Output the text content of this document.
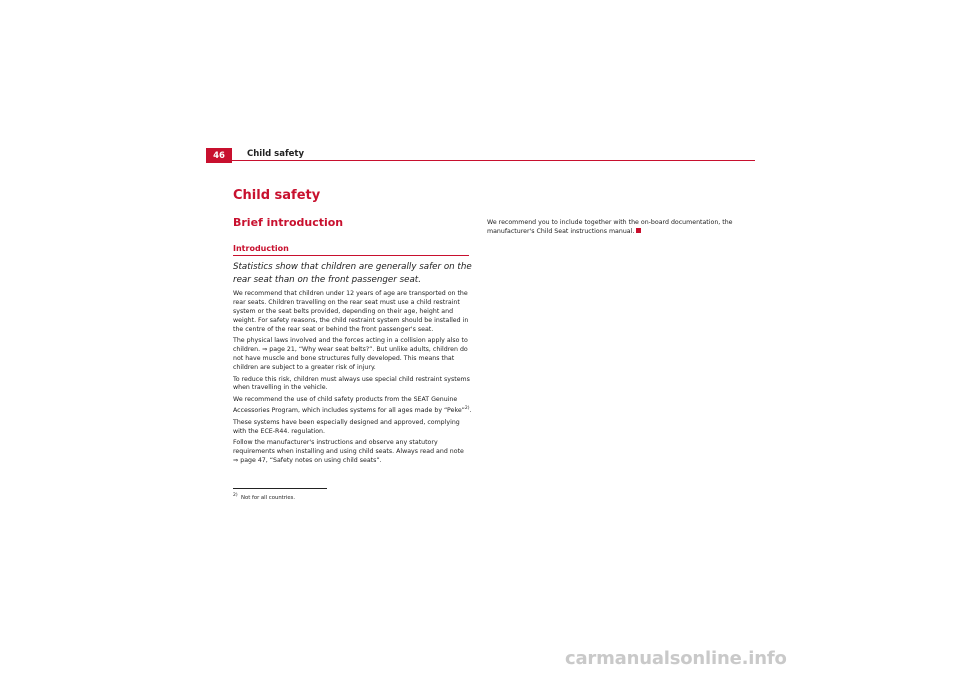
46	Child safety
Child safety
Brief introduction
Introduction
Statistics show that children are generally safer on the rear seat than on the front passenger seat.

We recommend that children under 12 years of age are transported on the rear seats. Children travelling on the rear seat must use a child restraint system or the seat belts provided, depending on their age, height and weight. For safety reasons, the child restraint system should be installed in the centre of the rear seat or behind the front passenger's seat.

The physical laws involved and the forces acting in a collision apply also to children. ⇒ page 21, “Why wear seat belts?”. But unlike adults, children do not have muscle and bone structures fully developed. This means that children are subject to a greater risk of injury.

To reduce this risk, children must always use special child restraint systems when travelling in the vehicle.

We recommend the use of child safety products from the SEAT Genuine Accessories Program, which includes systems for all ages made by “Peke”$^{2)}$.

These systems have been especially designed and approved, complying with the ECE-R44. regulation.

Follow the manufacturer's instructions and observe any statutory requirements when installing and using child seats. Always read and note
⇒ page 47, “Safety notes on using child seats”.

We recommend you to include together with the on-board documentation, the manufacturer's Child Seat instructions manual.

$^{2)}$ Not for all countries.
carmanualsonline.info
